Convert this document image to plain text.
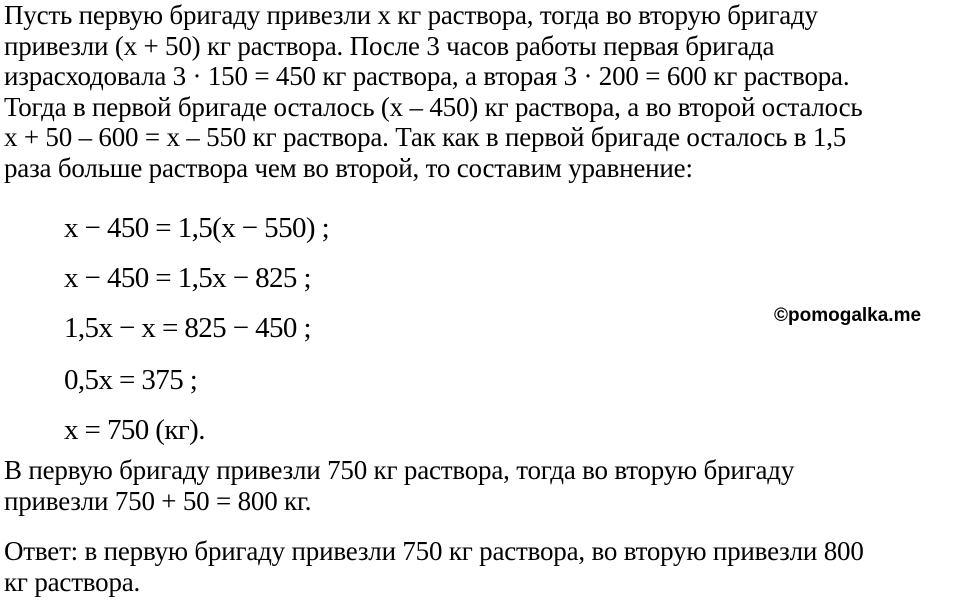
Пусть первую бригаду привезли x кг раствора, тогда во вторую бригаду
привезли (x + 50) кг раствора. После 3 часов работы первая бригада
израсходовала 3 · 150 = 450 кг раствора, а вторая 3 · 200 = 600 кг раствора.
Тогда в первой бригаде осталось (x – 450) кг раствора, а во второй осталось
x + 50 – 600 = x – 550 кг раствора. Так как в первой бригаде осталось в 1,5
раза больше раствора чем во второй, то составим уравнение:
x − 450 = 1,5(x − 550) ;
x − 450 = 1,5x − 825 ;
1,5x − x = 825 − 450 ;
0,5x = 375 ;
x = 750 (кг).
©pomogalka.me
В первую бригаду привезли 750 кг раствора, тогда во вторую бригаду
привезли 750 + 50 = 800 кг.
Ответ: в первую бригаду привезли 750 кг раствора, во вторую привезли 800
кг раствора.
